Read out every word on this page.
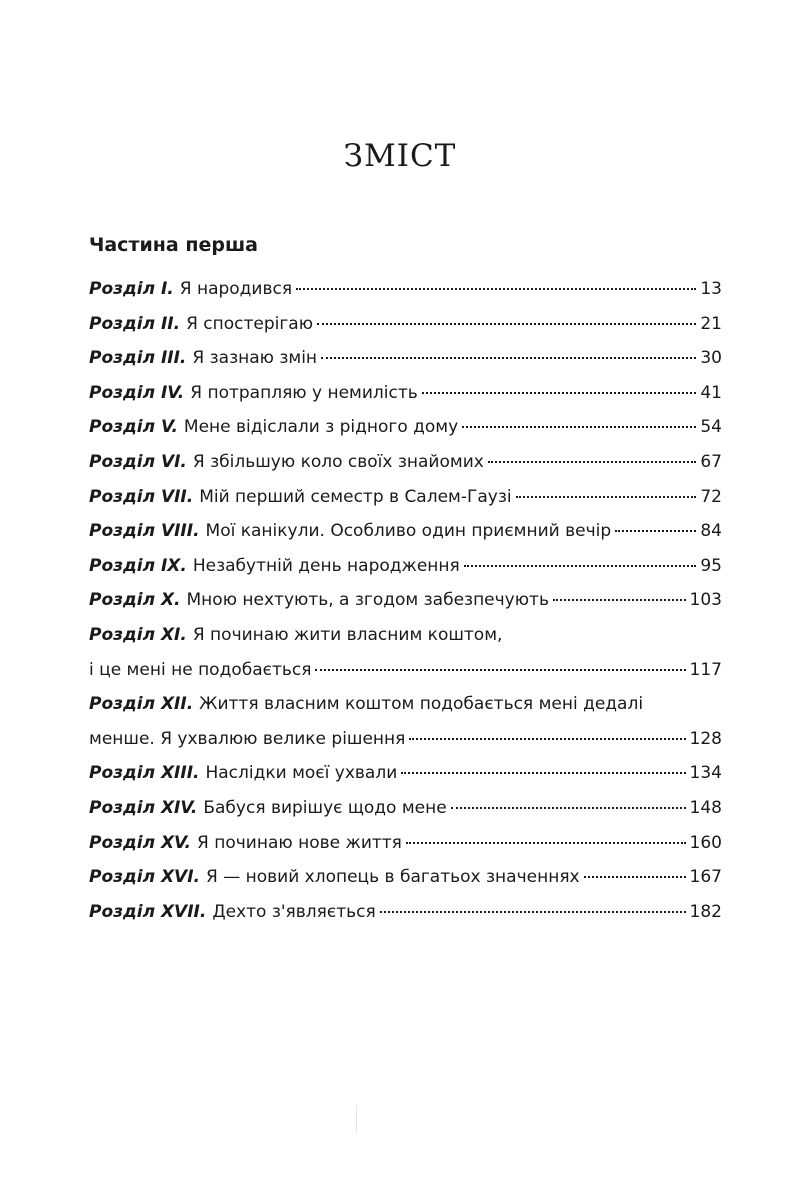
ЗМІСТ
Частина перша
Розділ I. Я народився	13
Розділ II. Я спостерігаю	21
Розділ III. Я зазнаю змін	30
Розділ IV. Я потрапляю у немилість	41
Розділ V. Мене відіслали з рідного дому	54
Розділ VI. Я збільшую коло своїх знайомих	67
Розділ VII. Мій перший семестр в Салем-Гаузі	72
Розділ VIII. Мої канікули. Особливо один приємний вечір	84
Розділ IX. Незабутній день народження	95
Розділ X. Мною нехтують, а згодом забезпечують	103
Розділ XI. Я починаю жити власним коштом,
і це мені не подобається	117
Розділ XII. Життя власним коштом подобається мені дедалі
менше. Я ухвалюю велике рішення	128
Розділ XIII. Наслідки моєї ухвали	134
Розділ XIV. Бабуся вирішує щодо мене	148
Розділ XV. Я починаю нове життя	160
Розділ XVI. Я — новий хлопець в багатьох значеннях	167
Розділ XVII. Дехто з'являється	182
